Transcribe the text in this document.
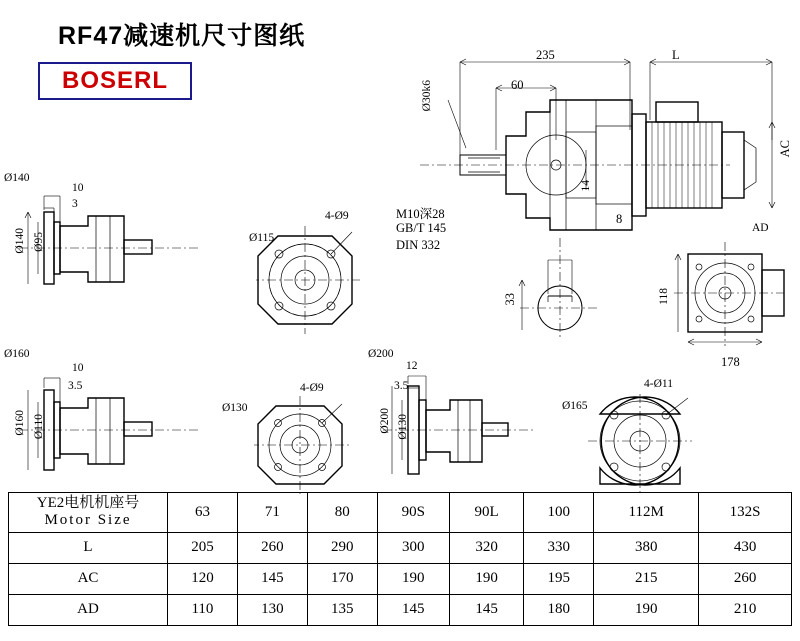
RF47减速机尺寸图纸
BOSERL
235	L
60
Ø30k6
14
AC
M10深28
GB/T 145
DIN 332
8
33
AD
118
178
Ø140
10
3
Ø140 Ø95	Ø115
4-Ø9
Ø160
10
3.5
Ø160 Ø110
Ø130
4-Ø9
Ø200
12
3.5
Ø200 Ø130
Ø165
4-Ø11
YE2电机机座号
Motor Size	63	71	80	90S	90L	100	112M	132S
L	205	260	290	300	320	330	380	430
AC	120	145	170	190	190	195	215	260
AD	110	130	135	145	145	180	190	210
